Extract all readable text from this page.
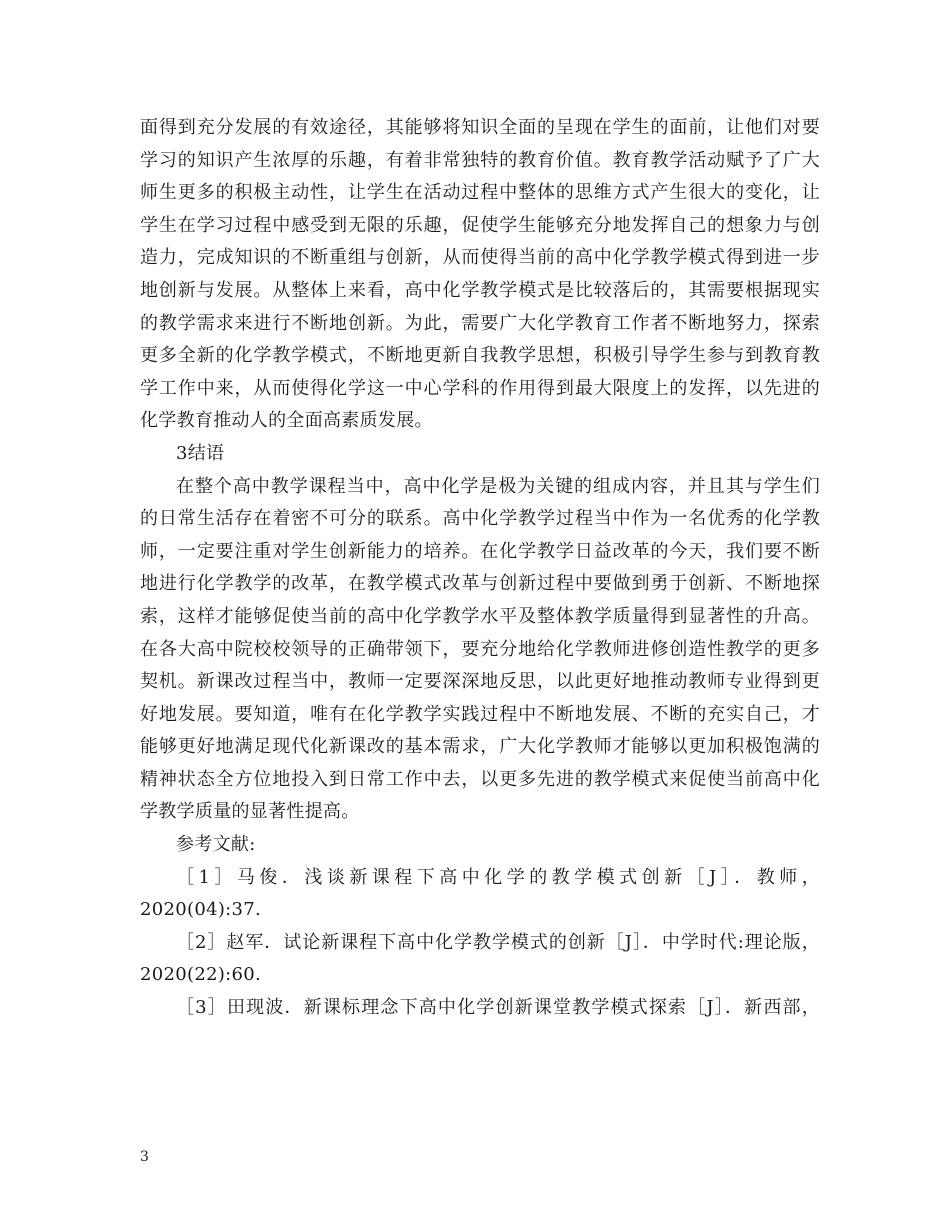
面得到充分发展的有效途径，其能够将知识全面的呈现在学生的面前，让他们对要
学习的知识产生浓厚的乐趣，有着非常独特的教育价值。教育教学活动赋予了广大
师生更多的积极主动性，让学生在活动过程中整体的思维方式产生很大的变化，让
学生在学习过程中感受到无限的乐趣，促使学生能够充分地发挥自己的想象力与创
造力，完成知识的不断重组与创新，从而使得当前的高中化学教学模式得到进一步
地创新与发展。从整体上来看，高中化学教学模式是比较落后的，其需要根据现实
的教学需求来进行不断地创新。为此，需要广大化学教育工作者不断地努力，探索
更多全新的化学教学模式，不断地更新自我教学思想，积极引导学生参与到教育教
学工作中来，从而使得化学这一中心学科的作用得到最大限度上的发挥，以先进的
化学教育推动人的全面高素质发展。
3结语
在整个高中教学课程当中，高中化学是极为关键的组成内容，并且其与学生们
的日常生活存在着密不可分的联系。高中化学教学过程当中作为一名优秀的化学教
师，一定要注重对学生创新能力的培养。在化学教学日益改革的今天，我们要不断
地进行化学教学的改革，在教学模式改革与创新过程中要做到勇于创新、不断地探
索，这样才能够促使当前的高中化学教学水平及整体教学质量得到显著性的升高。
在各大高中院校校领导的正确带领下，要充分地给化学教师进修创造性教学的更多
契机。新课改过程当中，教师一定要深深地反思，以此更好地推动教师专业得到更
好地发展。要知道，唯有在化学教学实践过程中不断地发展、不断的充实自己，才
能够更好地满足现代化新课改的基本需求，广大化学教师才能够以更加积极饱满的
精神状态全方位地投入到日常工作中去，以更多先进的教学模式来促使当前高中化
学教学质量的显著性提高。
参考文献:
［1］马俊．浅谈新课程下高中化学的教学模式创新［J］．教师，
2020(04):37.
［2］赵军．试论新课程下高中化学教学模式的创新［J］．中学时代:理论版，
2020(22):60.
［3］田现波．新课标理念下高中化学创新课堂教学模式探索［J］．新西部，
3
